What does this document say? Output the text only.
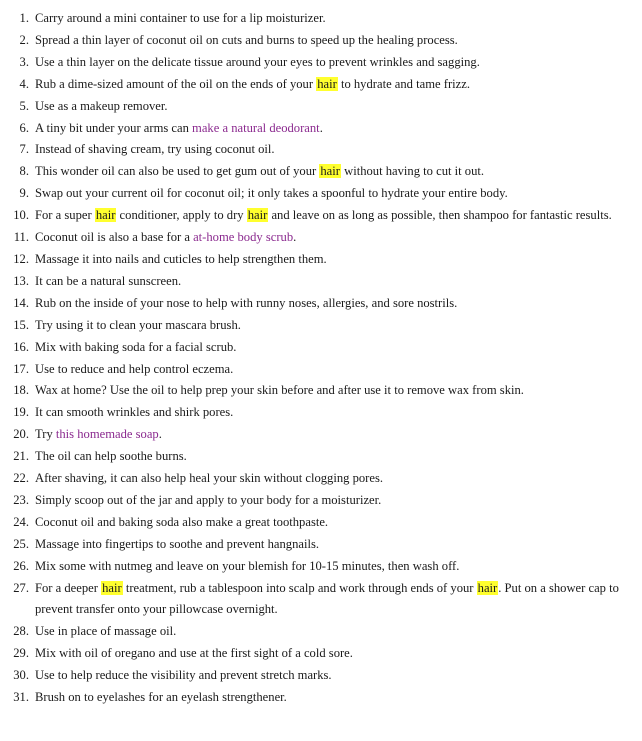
1. Carry around a mini container to use for a lip moisturizer.
2. Spread a thin layer of coconut oil on cuts and burns to speed up the healing process.
3. Use a thin layer on the delicate tissue around your eyes to prevent wrinkles and sagging.
4. Rub a dime-sized amount of the oil on the ends of your hair to hydrate and tame frizz.
5. Use as a makeup remover.
6. A tiny bit under your arms can make a natural deodorant.
7. Instead of shaving cream, try using coconut oil.
8. This wonder oil can also be used to get gum out of your hair without having to cut it out.
9. Swap out your current oil for coconut oil; it only takes a spoonful to hydrate your entire body.
10. For a super hair conditioner, apply to dry hair and leave on as long as possible, then shampoo for fantastic results.
11. Coconut oil is also a base for a at-home body scrub.
12. Massage it into nails and cuticles to help strengthen them.
13. It can be a natural sunscreen.
14. Rub on the inside of your nose to help with runny noses, allergies, and sore nostrils.
15. Try using it to clean your mascara brush.
16. Mix with baking soda for a facial scrub.
17. Use to reduce and help control eczema.
18. Wax at home? Use the oil to help prep your skin before and after use it to remove wax from skin.
19. It can smooth wrinkles and shirk pores.
20. Try this homemade soap.
21. The oil can help soothe burns.
22. After shaving, it can also help heal your skin without clogging pores.
23. Simply scoop out of the jar and apply to your body for a moisturizer.
24. Coconut oil and baking soda also make a great toothpaste.
25. Massage into fingertips to soothe and prevent hangnails.
26. Mix some with nutmeg and leave on your blemish for 10-15 minutes, then wash off.
27. For a deeper hair treatment, rub a tablespoon into scalp and work through ends of your hair. Put on a shower cap to prevent transfer onto your pillowcase overnight.
28. Use in place of massage oil.
29. Mix with oil of oregano and use at the first sight of a cold sore.
30. Use to help reduce the visibility and prevent stretch marks.
31. Brush on to eyelashes for an eyelash strengthener.
